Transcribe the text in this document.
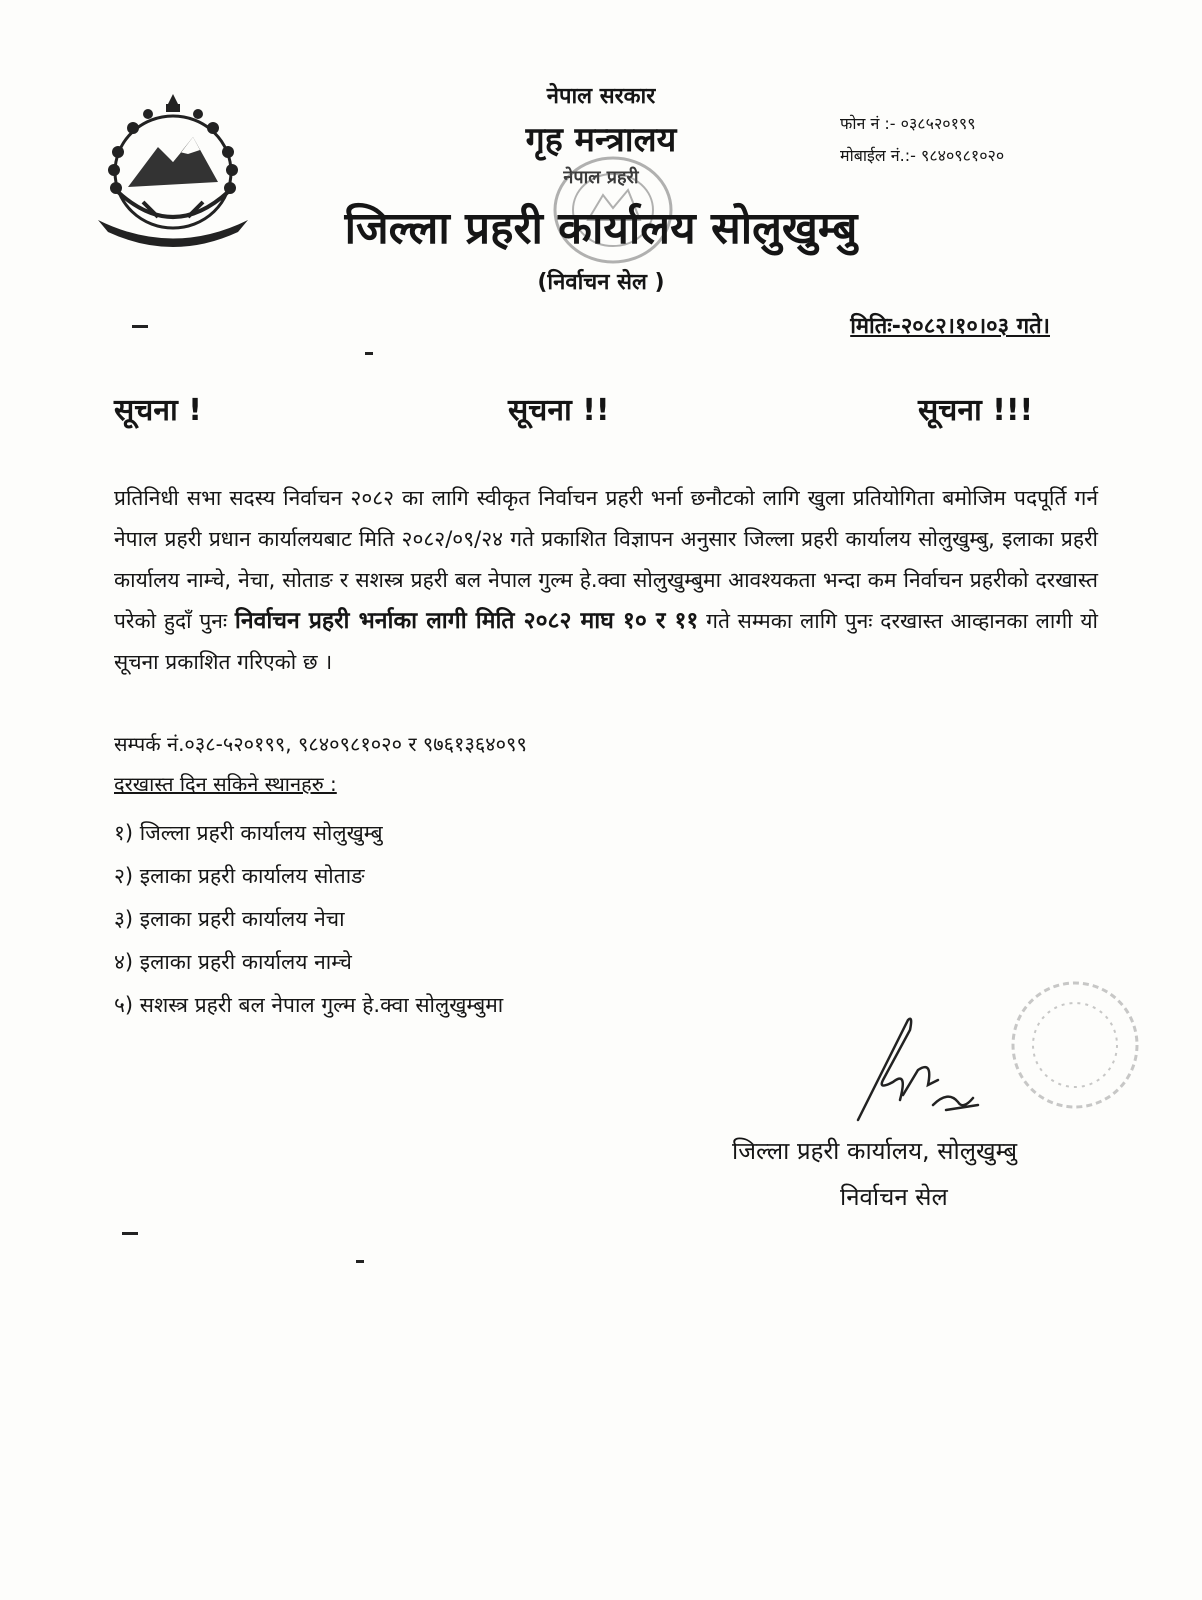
नेपाल सरकार
गृह मन्त्रालय
नेपाल प्रहरी
जिल्ला प्रहरी कार्यालय सोलुखुम्बु
(निर्वाचन सेल )
फोन नं :- ०३८५२०१९९
मोबाईल नं.:- ९८४०९८१०२०
मितिः-२०८२।१०।०३ गते।
सूचना !	सूचना !!	सूचना !!!
प्रतिनिधी सभा सदस्य निर्वाचन २०८२ का लागि स्वीकृत निर्वाचन प्रहरी भर्ना छनौटको लागि खुला प्रतियोगिता बमोजिम पदपूर्ति गर्न नेपाल प्रहरी प्रधान कार्यालयबाट मिति २०८२/०९/२४ गते प्रकाशित विज्ञापन अनुसार जिल्ला प्रहरी कार्यालय सोलुखुम्बु, इलाका प्रहरी कार्यालय नाम्चे, नेचा, सोताङ र सशस्त्र प्रहरी बल नेपाल गुल्म हे.क्वा सोलुखुम्बुमा आवश्यकता भन्दा कम निर्वाचन प्रहरीको दरखास्त परेको हुदाँ पुनः निर्वाचन प्रहरी भर्नाका लागी मिति २०८२ माघ १० र ११ गते सम्मका लागि पुनः दरखास्त आव्हानका लागी यो सूचना प्रकाशित गरिएको छ ।
सम्पर्क नं.०३८-५२०१९९, ९८४०९८१०२० र ९७६१३६४०९९
दरखास्त दिन सकिने स्थानहरु :
१) जिल्ला प्रहरी कार्यालय सोलुखुम्बु
२) इलाका प्रहरी कार्यालय सोताङ
३) इलाका प्रहरी कार्यालय नेचा
४) इलाका प्रहरी कार्यालय नाम्चे
५) सशस्त्र प्रहरी बल नेपाल गुल्म हे.क्वा सोलुखुम्बुमा
जिल्ला प्रहरी कार्यालय, सोलुखुम्बु
निर्वाचन सेल
